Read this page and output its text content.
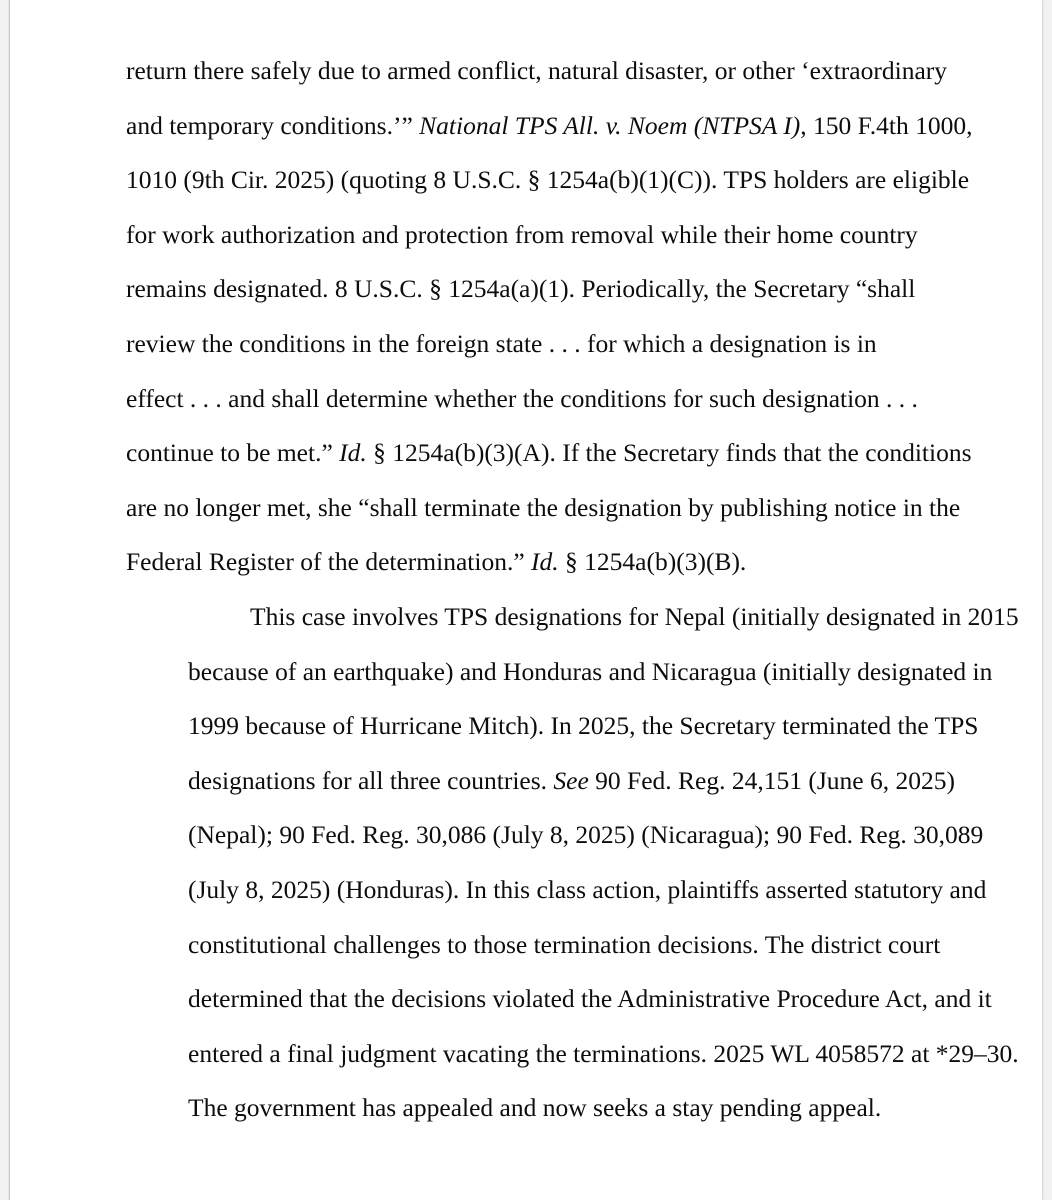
return there safely due to armed conflict, natural disaster, or other ‘extraordinary
and temporary conditions.’” National TPS All. v. Noem (NTPSA I), 150 F.4th 1000,
1010 (9th Cir. 2025) (quoting 8 U.S.C. § 1254a(b)(1)(C)). TPS holders are eligible
for work authorization and protection from removal while their home country
remains designated. 8 U.S.C. § 1254a(a)(1). Periodically, the Secretary “shall
review the conditions in the foreign state . . . for which a designation is in
effect . . . and shall determine whether the conditions for such designation . . .
continue to be met.” Id. § 1254a(b)(3)(A). If the Secretary finds that the conditions
are no longer met, she “shall terminate the designation by publishing notice in the
Federal Register of the determination.” Id. § 1254a(b)(3)(B).

This case involves TPS designations for Nepal (initially designated in 2015
because of an earthquake) and Honduras and Nicaragua (initially designated in
1999 because of Hurricane Mitch). In 2025, the Secretary terminated the TPS
designations for all three countries. See 90 Fed. Reg. 24,151 (June 6, 2025)
(Nepal); 90 Fed. Reg. 30,086 (July 8, 2025) (Nicaragua); 90 Fed. Reg. 30,089
(July 8, 2025) (Honduras). In this class action, plaintiffs asserted statutory and
constitutional challenges to those termination decisions. The district court
determined that the decisions violated the Administrative Procedure Act, and it
entered a final judgment vacating the terminations. 2025 WL 4058572 at *29–30.
The government has appealed and now seeks a stay pending appeal.
